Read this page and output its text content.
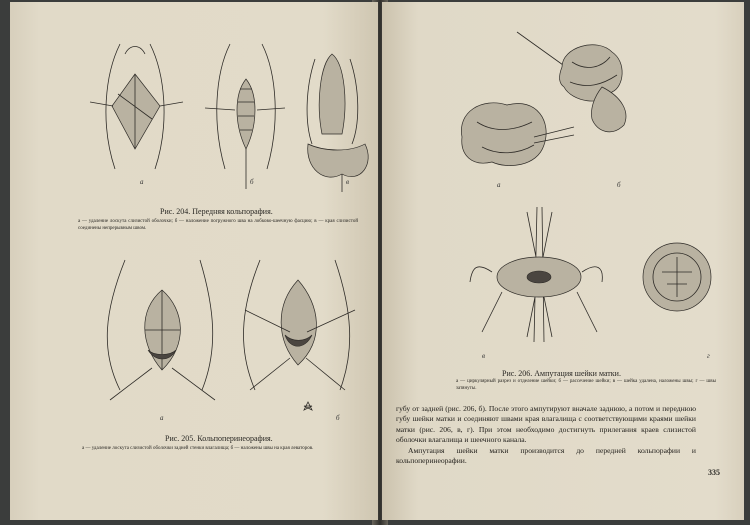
а	б	в
Рис. 204. Передняя кольпорафия.
а — удаление лоскута слизистой оболочки; б — наложение погружного шва на лобково-шеечную фасцию; в — края слизистой соединены непрерывным швом.
а	б
Рис. 205. Кольпоперинеорафия.
а — удаление лоскута слизистой оболочки задней стенки влагалища; б — наложены швы на края леваторов.
а	б
в	г
Рис. 206. Ампутация шейки матки.
а — циркулярный разрез и отделение шейки; б — рассечение шейки; в — шейка удалена, наложены швы; г — швы затянуты.

губу от задней (рис. 206, б). После этого ампутируют вначале заднюю, а потом и переднюю губу шейки матки и соединяют швами края влагалища с соответствующими краями шейки матки (рис. 206, в, г). При этом необходимо достигнуть прилегания краев слизистой оболочки влагалища и шеечного канала.

Ампутация шейки матки производится до передней кольпорафии и кольпоперинеорафии.

335
